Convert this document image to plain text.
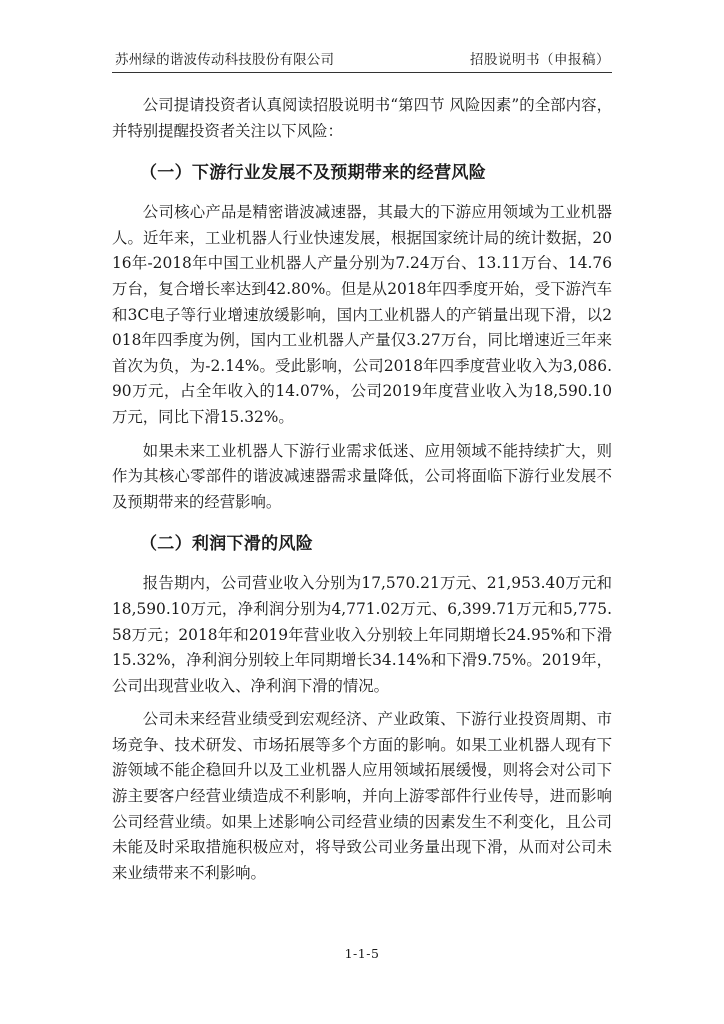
苏州绿的谐波传动科技股份有限公司	招股说明书（申报稿）

公司提请投资者认真阅读招股说明书“第四节 风险因素”的全部内容，并特别提醒投资者关注以下风险：

（一）下游行业发展不及预期带来的经营风险

公司核心产品是精密谐波减速器，其最大的下游应用领域为工业机器人。近年来，工业机器人行业快速发展，根据国家统计局的统计数据，2016年-2018年中国工业机器人产量分别为7.24万台、13.11万台、14.76万台，复合增长率达到42.80%。但是从2018年四季度开始，受下游汽车和3C电子等行业增速放缓影响，国内工业机器人的产销量出现下滑，以2018年四季度为例，国内工业机器人产量仅3.27万台，同比增速近三年来首次为负，为-2.14%。受此影响，公司2018年四季度营业收入为3,086.90万元，占全年收入的14.07%，公司2019年度营业收入为18,590.10万元，同比下滑15.32%。

如果未来工业机器人下游行业需求低迷、应用领域不能持续扩大，则作为其核心零部件的谐波减速器需求量降低，公司将面临下游行业发展不及预期带来的经营影响。

（二）利润下滑的风险

报告期内，公司营业收入分别为17,570.21万元、21,953.40万元和18,590.10万元，净利润分别为4,771.02万元、6,399.71万元和5,775.58万元；2018年和2019年营业收入分别较上年同期增长24.95%和下滑15.32%，净利润分别较上年同期增长34.14%和下滑9.75%。2019年，公司出现营业收入、净利润下滑的情况。

公司未来经营业绩受到宏观经济、产业政策、下游行业投资周期、市场竞争、技术研发、市场拓展等多个方面的影响。如果工业机器人现有下游领域不能企稳回升以及工业机器人应用领域拓展缓慢，则将会对公司下游主要客户经营业绩造成不利影响，并向上游零部件行业传导，进而影响公司经营业绩。如果上述影响公司经营业绩的因素发生不利变化，且公司未能及时采取措施积极应对，将导致公司业务量出现下滑，从而对公司未来业绩带来不利影响。

1-1-5
